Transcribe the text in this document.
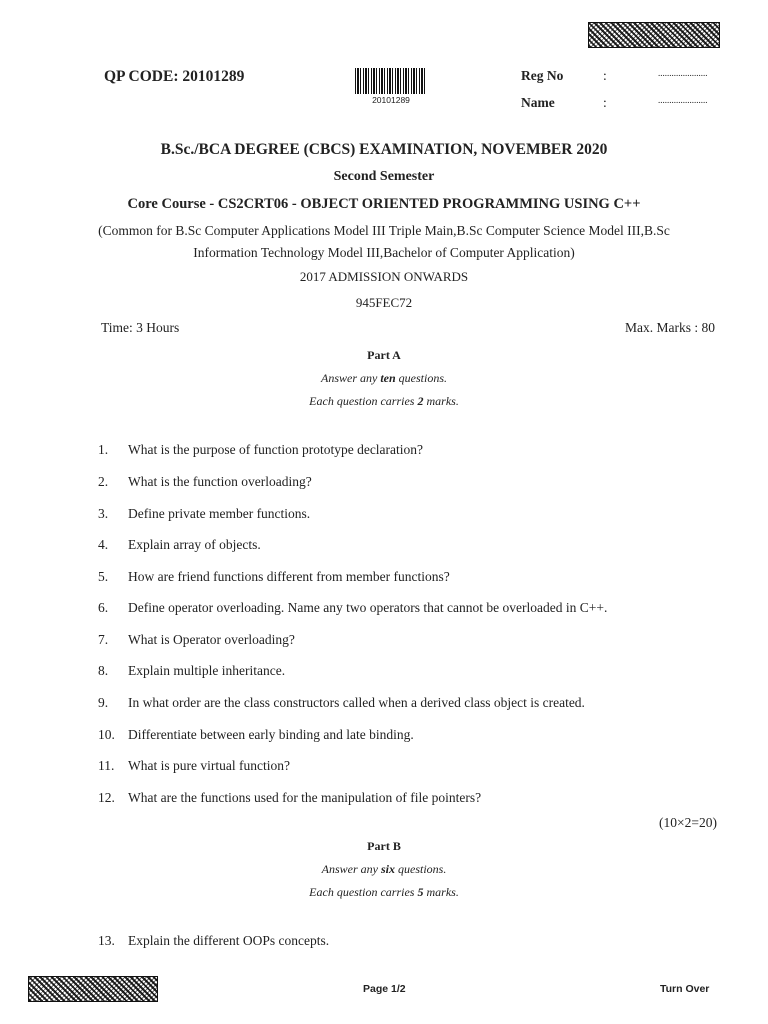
QP CODE: 20101289
20101289
Reg No	:	......................
Name	:	......................
B.Sc./BCA DEGREE (CBCS) EXAMINATION, NOVEMBER 2020
Second Semester
Core Course - CS2CRT06 - OBJECT ORIENTED PROGRAMMING USING C++
(Common for B.Sc Computer Applications Model III Triple Main,B.Sc Computer Science Model III,B.Sc
Information Technology Model III,Bachelor of Computer Application)
2017 ADMISSION ONWARDS
945FEC72
Time: 3 Hours	Max. Marks : 80
Part A
Answer any ten questions.
Each question carries 2 marks.
1. What is the purpose of function prototype declaration?
2. What is the function overloading?
3. Define private member functions.
4. Explain array of objects.
5. How are friend functions different from member functions?
6. Define operator overloading. Name any two operators that cannot be overloaded in C++.
7. What is Operator overloading?
8. Explain multiple inheritance.
9. In what order are the class constructors called when a derived class object is created.
10. Differentiate between early binding and late binding.
11. What is pure virtual function?
12. What are the functions used for the manipulation of file pointers?
(10×2=20)
Part B
Answer any six questions.
Each question carries 5 marks.
13. Explain the different OOPs concepts.
Page 1/2	Turn Over
